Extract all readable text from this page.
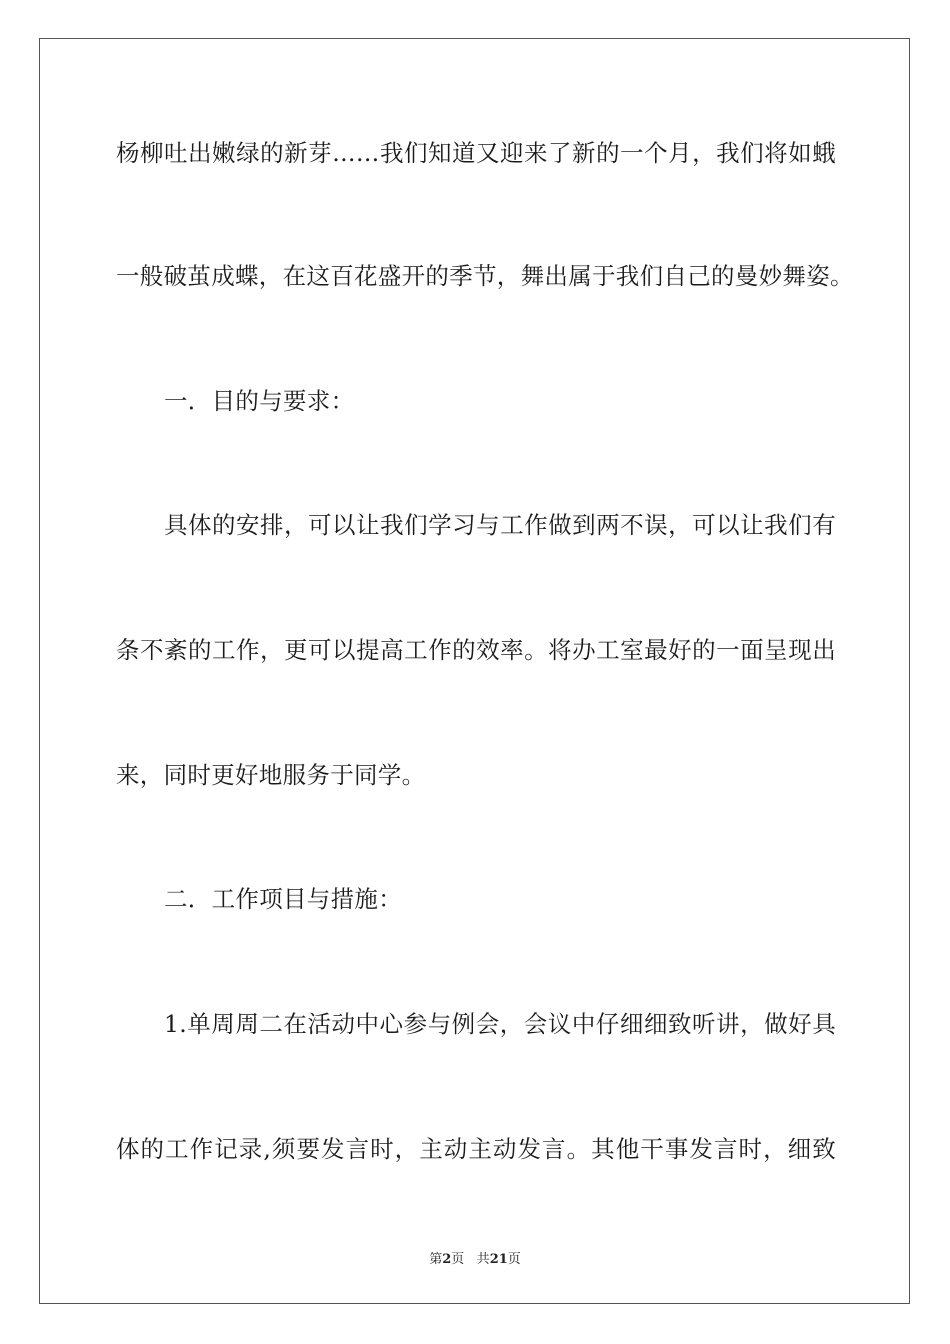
杨柳吐出嫩绿的新芽……我们知道又迎来了新的一个月，我们将如蛾
一般破茧成蝶，在这百花盛开的季节，舞出属于我们自己的曼妙舞姿。
一．目的与要求：
具体的安排，可以让我们学习与工作做到两不误，可以让我们有
条不紊的工作，更可以提高工作的效率。将办工室最好的一面呈现出
来，同时更好地服务于同学。
二．工作项目与措施：
1.单周周二在活动中心参与例会，会议中仔细细致听讲，做好具
体的工作记录,须要发言时，主动主动发言。其他干事发言时，细致
第2页 共21页
